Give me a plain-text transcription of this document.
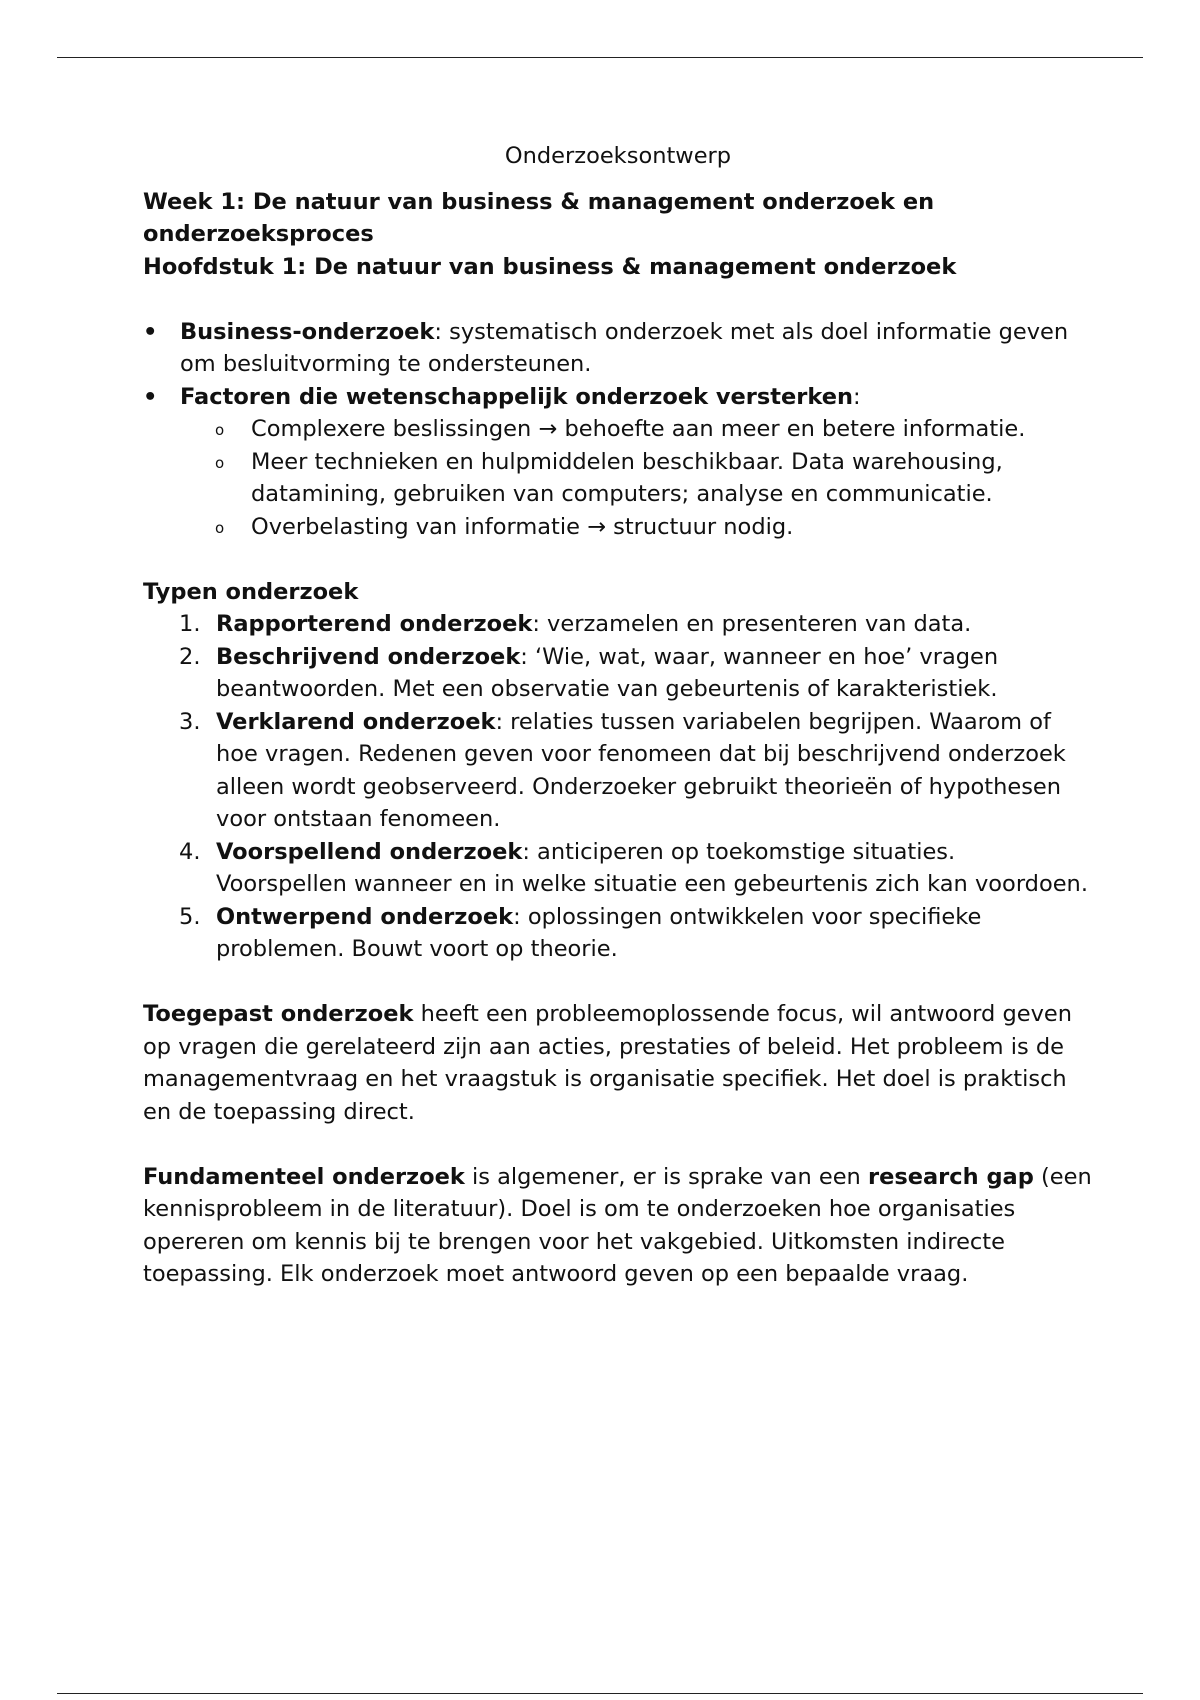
Onderzoeksontwerp
Week 1: De natuur van business & management onderzoek en onderzoeksproces
Hoofdstuk 1: De natuur van business & management onderzoek
• Business-onderzoek: systematisch onderzoek met als doel informatie geven om besluitvorming te ondersteunen.
• Factoren die wetenschappelijk onderzoek versterken:
o Complexere beslissingen → behoefte aan meer en betere informatie.
o Meer technieken en hulpmiddelen beschikbaar. Data warehousing, datamining, gebruiken van computers; analyse en communicatie.
o Overbelasting van informatie → structuur nodig.
Typen onderzoek
1. Rapporterend onderzoek: verzamelen en presenteren van data.
2. Beschrijvend onderzoek: ‘Wie, wat, waar, wanneer en hoe’ vragen beantwoorden. Met een observatie van gebeurtenis of karakteristiek.
3. Verklarend onderzoek: relaties tussen variabelen begrijpen. Waarom of hoe vragen. Redenen geven voor fenomeen dat bij beschrijvend onderzoek alleen wordt geobserveerd. Onderzoeker gebruikt theorieën of hypothesen voor ontstaan fenomeen.
4. Voorspellend onderzoek: anticiperen op toekomstige situaties. Voorspellen wanneer en in welke situatie een gebeurtenis zich kan voordoen.
5. Ontwerpend onderzoek: oplossingen ontwikkelen voor specifieke problemen. Bouwt voort op theorie.

Toegepast onderzoek heeft een probleemoplossende focus, wil antwoord geven op vragen die gerelateerd zijn aan acties, prestaties of beleid. Het probleem is de managementvraag en het vraagstuk is organisatie specifiek. Het doel is praktisch en de toepassing direct.

Fundamenteel onderzoek is algemener, er is sprake van een research gap (een kennisprobleem in de literatuur). Doel is om te onderzoeken hoe organisaties opereren om kennis bij te brengen voor het vakgebied. Uitkomsten indirecte toepassing. Elk onderzoek moet antwoord geven op een bepaalde vraag.
